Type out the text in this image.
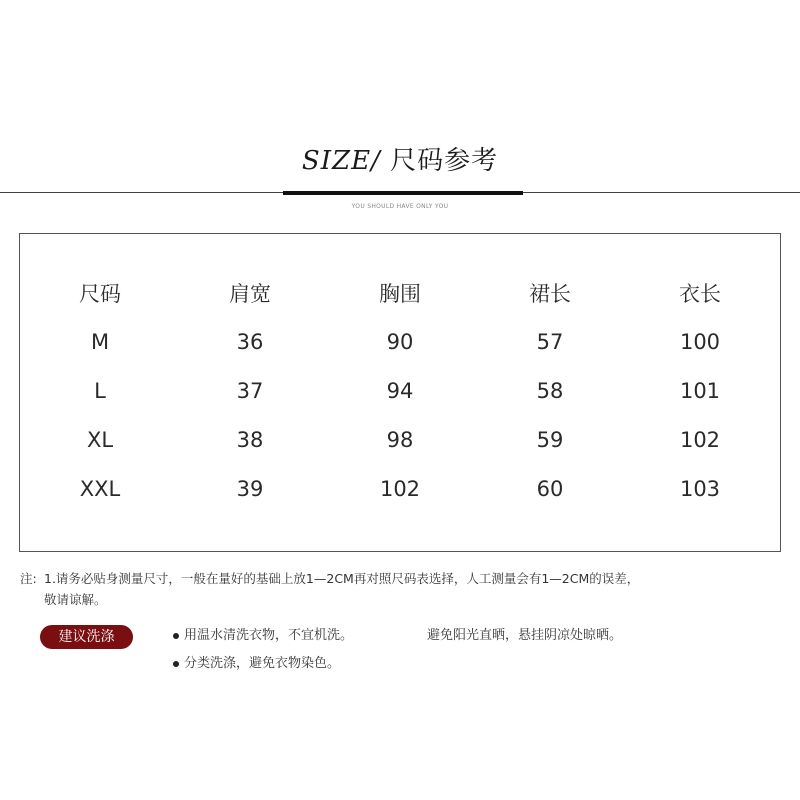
SIZE/ 尺码参考
YOU SHOULD HAVE ONLY YOU
尺码	肩宽	胸围	裙长	衣长
M	36	90	57	100
L	37	94	58	101
XL	38	98	59	102
XXL	39	102	60	103
注: 1.请务必贴身测量尺寸，一般在量好的基础上放1—2CM再对照尺码表选择，人工测量会有1—2CM的误差，
敬请谅解。
建议洗涤	用温水清洗衣物，不宜机洗。	避免阳光直晒，悬挂阴凉处晾晒。
分类洗涤，避免衣物染色。
